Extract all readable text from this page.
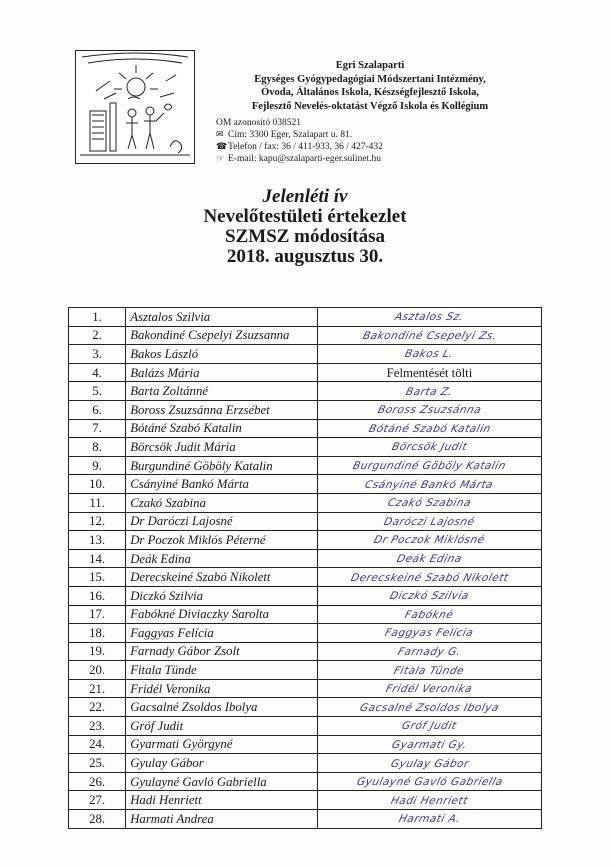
Egri Szalaparti
Egységes Gyógypedagógiai Módszertani Intézmény,
Óvoda, Általános Iskola, Készségfejlesztő Iskola,
Fejlesztő Nevelés-oktatást Végző Iskola és Kollégium
OM azonosító 038521
✉ Cím: 3300 Eger, Szalapart u. 81.
☎Telefon / fax: 36 / 411-933, 36 / 427-432
☞ E-mail: kapu@szalaparti-eger.sulinet.hu
Jelenléti ív
Nevelőtestületi értekezlet
SZMSZ módosítása
2018. augusztus 30.
1.	Asztalos Szilvia	Asztalos Sz.
2.	Bakondiné Csepelyi Zsuzsanna	Bakondiné Csepelyi Zs.
3.	Bakos László	Bakos L.
4.	Balázs Mária	Felmentését tölti
5.	Barta Zoltánné	Barta Z.
6.	Boross Zsuzsánna Erzsébet	Boross Zsuzsánna
7.	Bótáné Szabó Katalin	Bótáné Szabó Katalin
8.	Börcsök Judit Mária	Börcsök Judit
9.	Burgundiné Göböly Katalin	Burgundiné Göböly Katalin
10.	Csányiné Bankó Márta	Csányiné Bankó Márta
11.	Czakó Szabina	Czakó Szabina
12.	Dr Daróczi Lajosné	Daróczi Lajosné
13.	Dr Poczok Miklós Péterné	Dr Poczok Miklósné
14.	Deák Edina	Deák Edina
15.	Derecskeiné Szabó Nikolett	Derecskeiné Szabó Nikolett
16.	Diczkó Szilvia	Diczkó Szilvia
17.	Fabókné Diviaczky Sarolta	Fabókné
18.	Faggyas Felícia	Faggyas Felícia
19.	Farnady Gábor Zsolt	Farnady G.
20.	Fitala Tünde	Fitala Tünde
21.	Fridél Veronika	Fridél Veronika
22.	Gacsalné Zsoldos Ibolya	Gacsalné Zsoldos Ibolya
23.	Gróf Judit	Gróf Judit
24.	Gyarmati Györgyné	Gyarmati Gy.
25.	Gyulay Gábor	Gyulay Gábor
26.	Gyulayné Gavló Gabriella	Gyulayné Gavló Gabriella
27.	Hadi Henriett	Hadi Henriett
28.	Harmati Andrea	Harmati A.
